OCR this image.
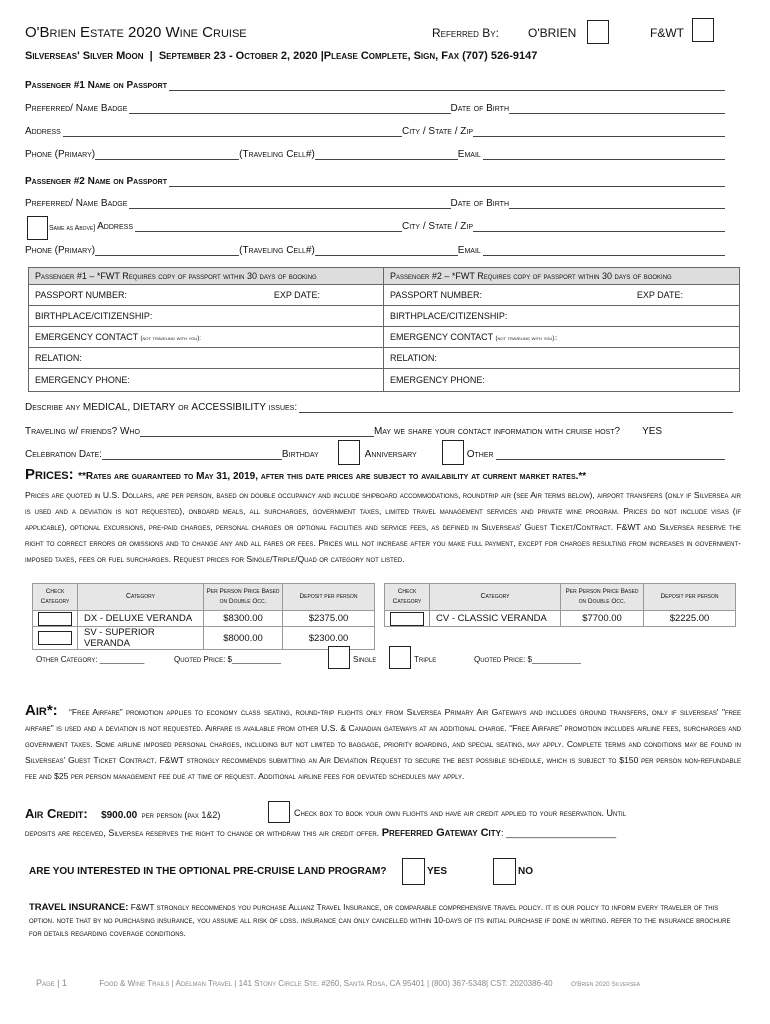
O'Brien Estate 2020 Wine Cruise	Referred By: O'BRIEN	F&WT
Silverseas' Silver Moon  |  September 23 - October 2, 2020 |Please Complete, Sign, Fax (707) 526-9147
Passenger #1 Name on Passport
Preferred/ Name Badge	Date of Birth
Address	City / State / Zip
Phone (Primary)	(Traveling Cell#)	Email
Passenger #2 Name on Passport
Preferred/ Name Badge	Date of Birth
Same as Above ] Address	City / State / Zip
Phone (Primary)	(Traveling Cell#)	Email
Passenger #1 – *FWT Requires copy of passport within 30 days of booking	Passenger #2 – *FWT Requires copy of passport within 30 days of booking
PASSPORT NUMBER: EXP DATE:	PASSPORT NUMBER: EXP DATE:

BIRTHPLACE/CITIZENSHIP:	BIRTHPLACE/CITIZENSHIP:
EMERGENCY CONTACT (not traveling with you):	EMERGENCY CONTACT (not traveling with you)::
RELATION:	RELATION:
EMERGENCY PHONE:	EMERGENCY PHONE:
Describe any
MEDICAL, DIETARY
or
ACCESSIBILITY
issues:
Traveling w/ friends? Who	May we share your contact information with cruise host? YES
Celebration Date:	Birthday	Anniversary	Other
Prices: **Rates are guaranteed to May 31, 2019, after this date prices are subject to availability at current market rates.**
Prices are quoted in U.S. Dollars, are per person, based on double occupancy and include shipboard accommodations, roundtrip air (see Air terms below), airport transfers (only if Silversea air is used and a deviation is not requested), onboard meals, all surcharges, government taxes, limited travel management services and private wine program. Prices do not include visas (if applicable), optional excursions, pre-paid charges, personal charges or optional facilities and service fees, as defined in Silverseas' Guest Ticket/Contract. F&WT and Silversea reserve the right to correct errors or omissions and to change any and all fares or fees. Prices will not increase after you make full payment, except for charges resulting from increases in government-imposed taxes, fees or fuel surcharges. Request prices for Single/Triple/Quad or category not listed.
Check Category	Category	Per Person Price Based on Double Occ.	Deposit per person
	DX - DELUXE VERANDA	$8300.00	$2375.00
	SV - SUPERIOR VERANDA	$8000.00	$2300.00
Check Category	Category	Per Person Price Based on Double Occ.	Deposit per person
	CV - CLASSIC VERANDA	$7700.00	$2225.00
Other Category: __________	Quoted Price: $___________	Single	Triple	Quoted Price: $___________
Air*:	“Free Airfare” promotion applies to economy class seating, round-trip flights only from Silversea Primary Air Gateways and includes ground transfers, only if silverseas' "free airfare" is used and a deviation is not requested. Airfare is available from other U.S. & Canadian gateways at an additional charge. “Free Airfare” promotion includes airline fees, surcharges and government taxes. Some airline imposed personal charges, including but not limited to baggage, priority boarding, and special seating, may apply. Complete terms and conditions may be found in Silverseas' Guest Ticket Contract. F&WT strongly recommends submitting an Air Deviation Request to secure the best possible schedule, which is subject to $150 per person non-refundable fee and $25 per person management fee due at time of request. Additional airline fees for deviated schedules may apply.
Air Credit: $900.00 per person (pax 1&2)	Check box to book your own flights and have air credit applied to your reservation. Until
deposits are received, Silversea reserves the right to change or withdraw this air credit offer. Preferred Gateway City: ______________________
ARE YOU INTERESTED IN THE OPTIONAL PRE-CRUISE LAND PROGRAM?	YES	NO
TRAVEL INSURANCE: F&WT strongly recommends you purchase Allianz Travel Insurance, or comparable comprehensive travel policy. it is our policy to inform every traveler of this option. note that by no purchasing insurance, you assume all risk of loss. insurance can only cancelled within 10-days of its initial purchase if done in writing. refer to the insurance brochure for details regarding coverage conditions.
Page | 1	Food & Wine Trails | Adelman Travel | 141 Stony Circle Ste. #260, Santa Rosa, CA 95401 | (800) 367-5348| CST: 2020386-40	O'Brien 2020 Silversea
